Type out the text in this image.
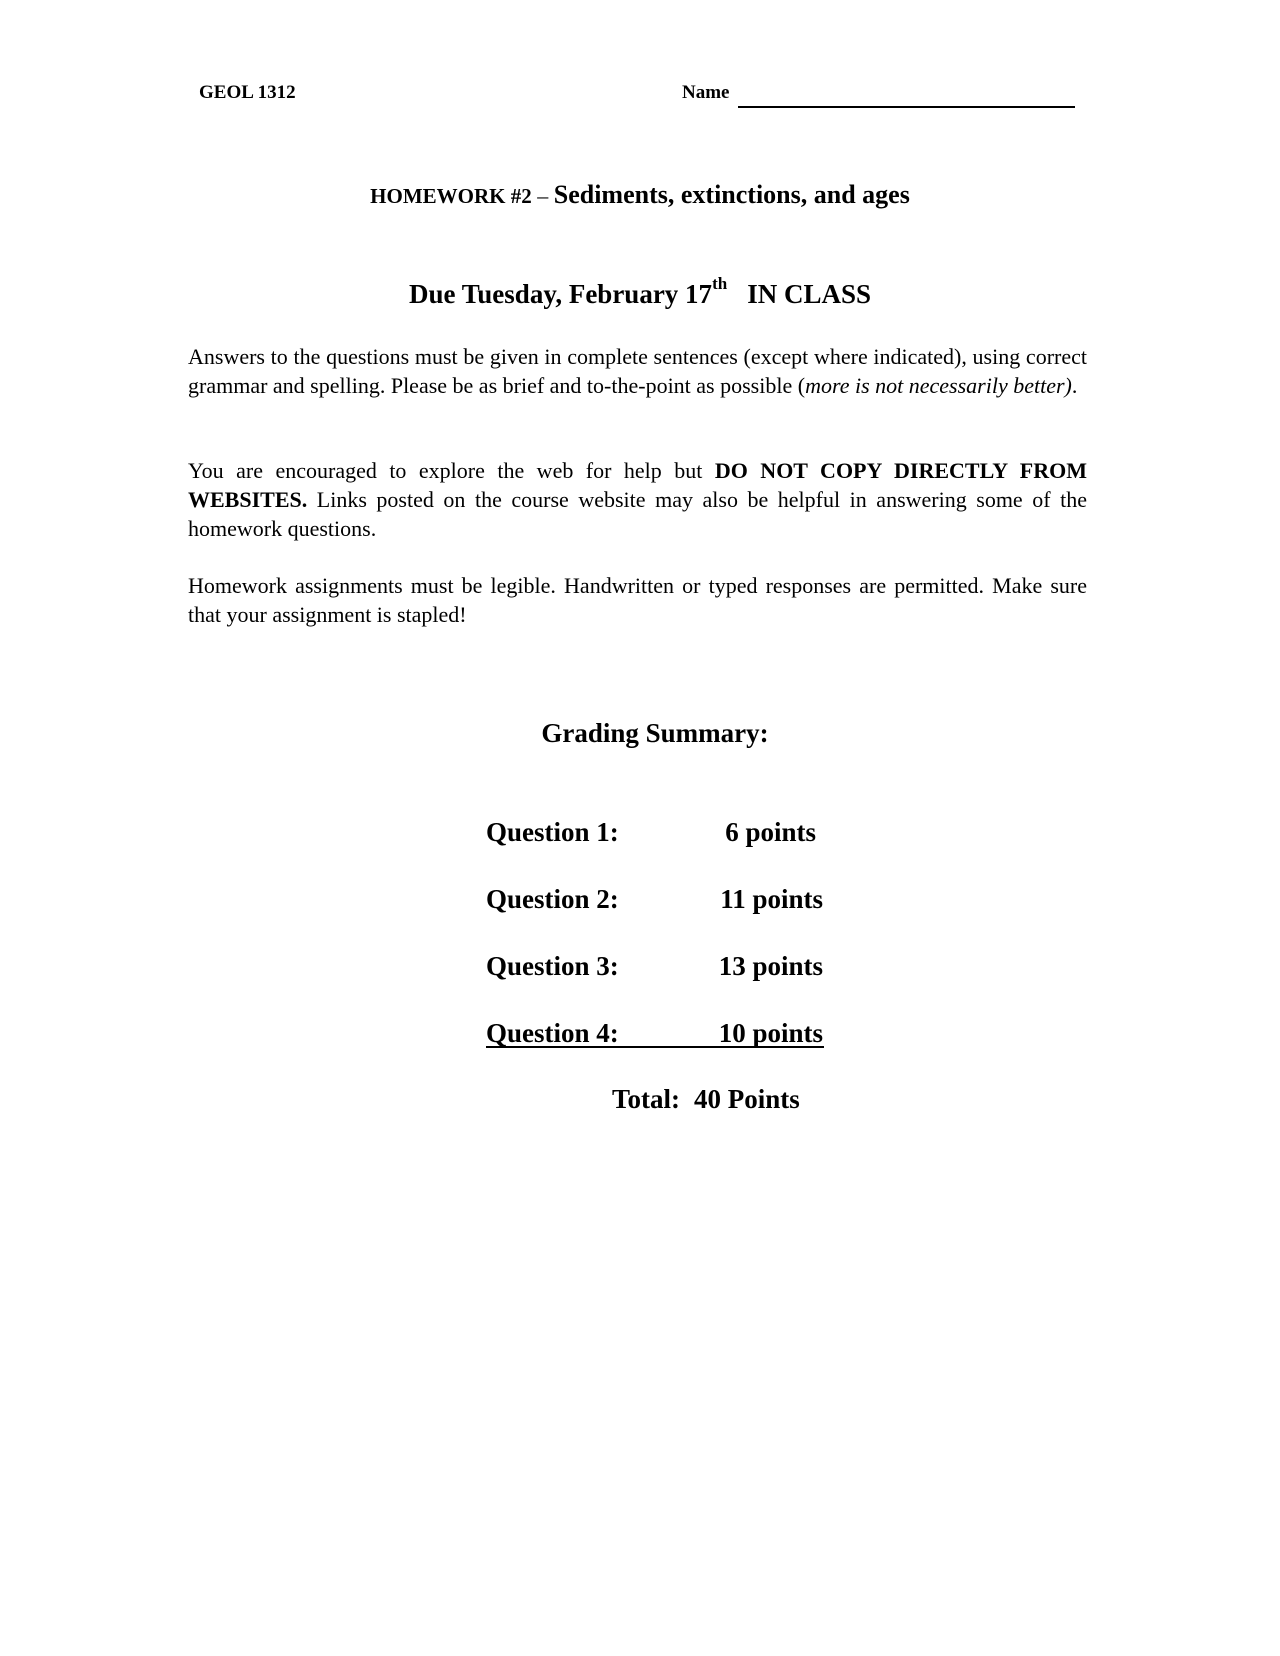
GEOL 1312	Name
HOMEWORK #2 – Sediments, extinctions, and ages
Due Tuesday, February 17th IN CLASS
Answers to the questions must be given in complete sentences (except where indicated), using correct grammar and spelling. Please be as brief and to-the-point as possible (more is not necessarily better).
You are encouraged to explore the web for help but DO NOT COPY DIRECTLY FROM WEBSITES. Links posted on the course website may also be helpful in answering some of the homework questions.
Homework assignments must be legible. Handwritten or typed responses are permitted. Make sure that your assignment is stapled!
Grading Summary:
Question 1:	6 points
Question 2:	11 points
Question 3:	13 points
Question 4:	10 points
Total: 40 Points
